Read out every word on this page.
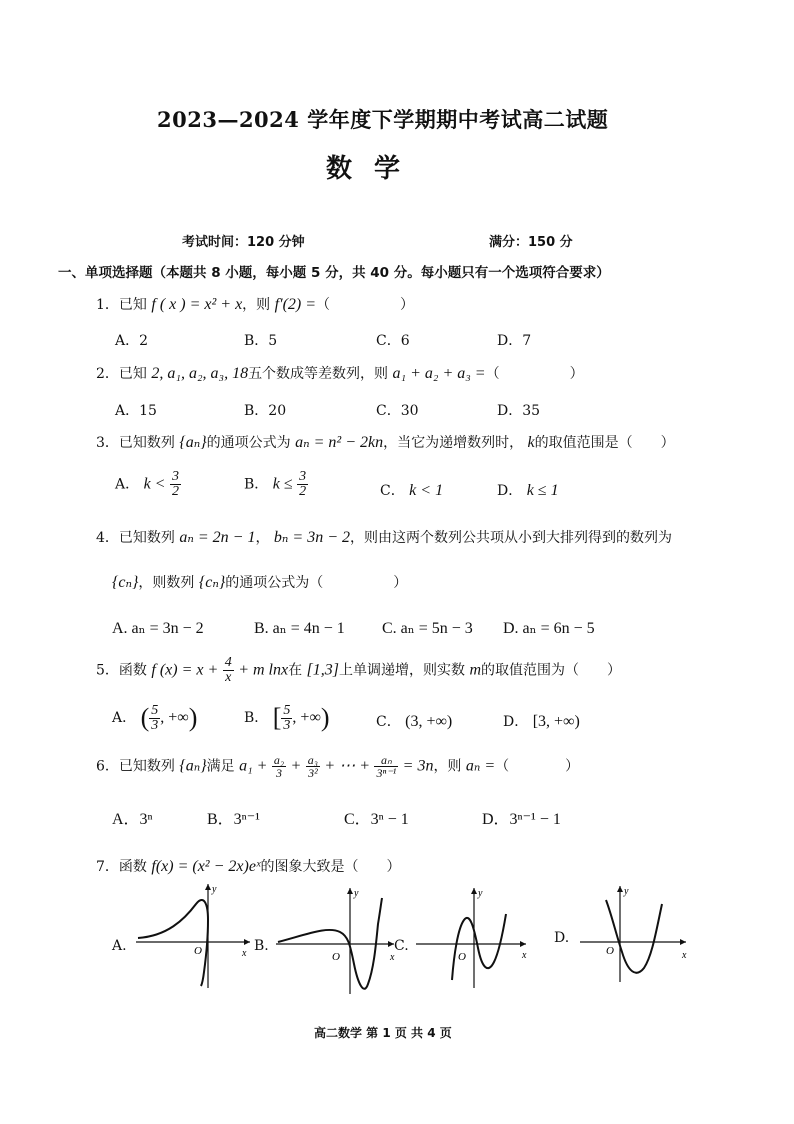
2023—2024 学年度下学期期中考试高二试题
数学
考试时间：120 分钟	满分：150 分
一、单项选择题（本题共 8 小题，每小题 5 分，共 40 分。每小题只有一个选项符合要求）
1．已知 f ( x ) = x² + x，则 f′(2) =（　　　　　）
A．2	B．5	C．6	D．7
2．已知 2, a₁, a₂, a₃, 18五个数成等差数列，则 a₁ + a₂ + a₃ =（　　　　　）
A．15	B．20	C．30	D．35
3．已知数列 {aₙ}的通项公式为 aₙ = n² − 2kn，当它为递增数列时， k的取值范围是（　　）
A． $k < \frac{3}{2}$	B． $k \le \frac{3}{2}$	C． k < 1	D． k ≤ 1
4．已知数列 aₙ = 2n − 1， bₙ = 3n − 2，则由这两个数列公共项从小到大排列得到的数列为
{cₙ}，则数列 {cₙ}的通项公式为（　　　　　）
A. aₙ = 3n − 2	B. aₙ = 4n − 1 C. aₙ = 5n − 3 D. aₙ = 6n − 5
5．函数 f $(x) = x + \frac{4}{x} + m$ lnx在 [1,3]上单调递增，则实数 m的取值范围为（　　）
A． ( $\frac{5}{3}$ , +∞)	B． [ $\frac{5}{3}$ , +∞)	C． (3, +∞)	D． [3, +∞)
6．已知数列 {aₙ}满足 $a_1 + \frac{\text{a₂}}{3} + \frac{\text{a₃}}{\text{3²}}$ + ⋯ + $\frac{\text{aₙ}}{\text{3ⁿ⁻¹}} = 3n$，则 aₙ =（　　　　）
A．3ⁿ	B．3ⁿ⁻¹	C．3ⁿ − 1	D．3ⁿ⁻¹ − 1
7．函数 f(x) = (x² − 2x)eˣ的图象大致是（　　）
A.	O	x
y
B.
O	x
y
C.
O	x
y
D.
O	x
y
高二数学 第 1 页 共 4 页
